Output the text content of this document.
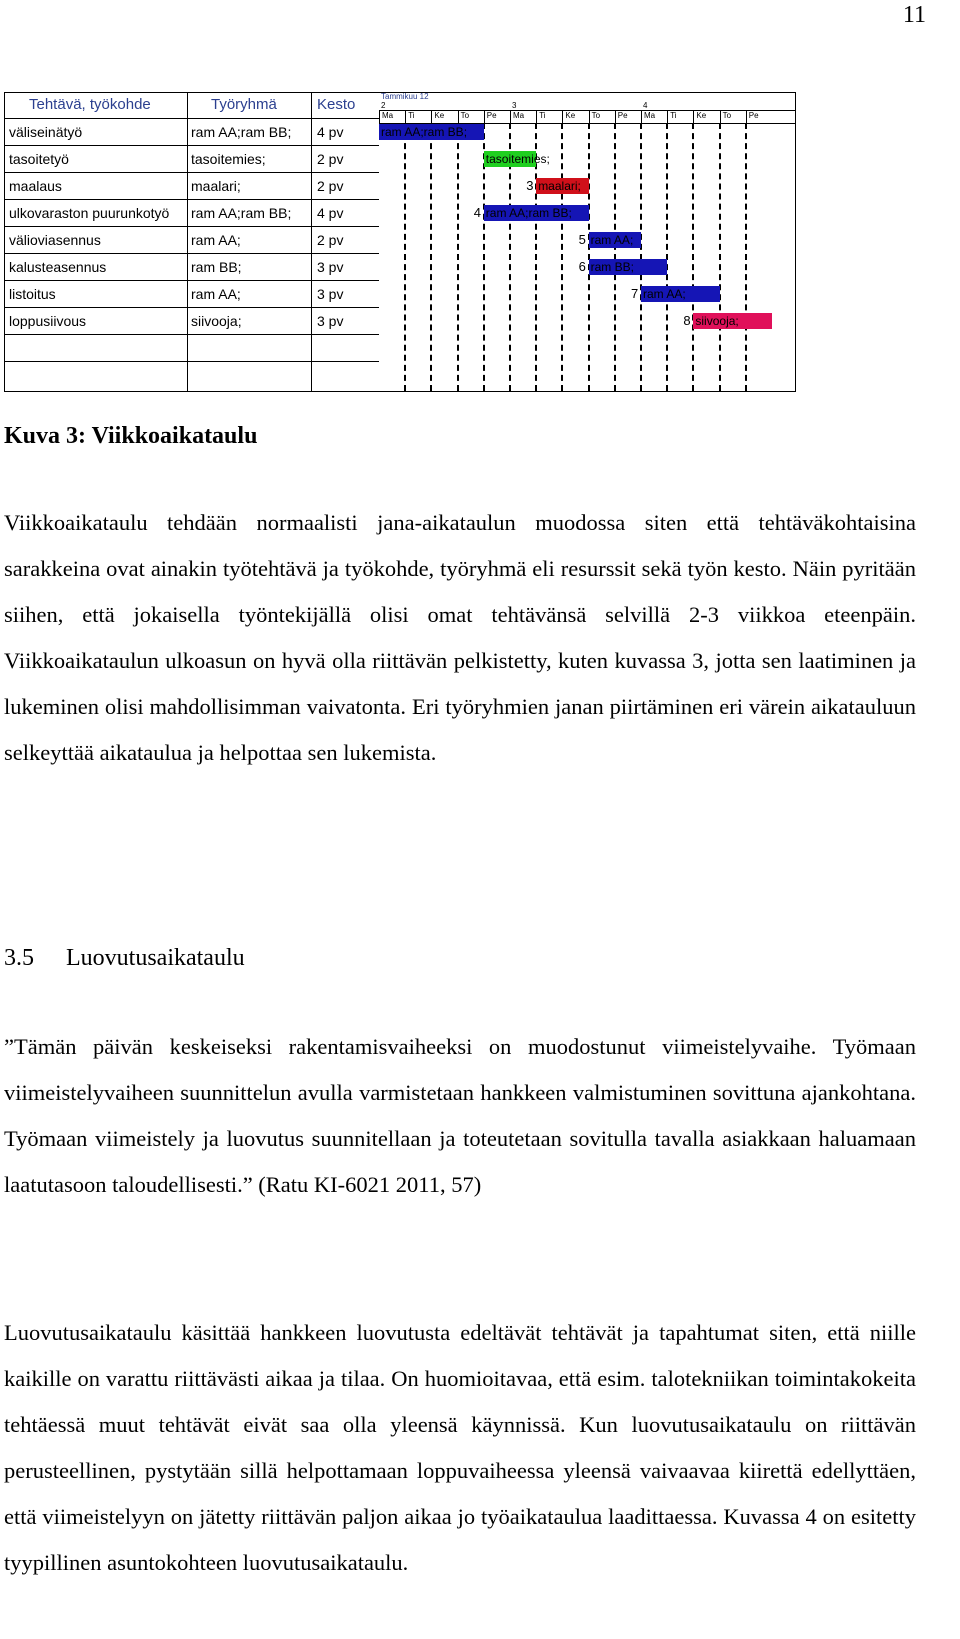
11
Tehtävä, työkohde	Työryhmä	Kesto
väliseinätyö	ram AA;ram BB;	4 pv
tasoitetyö	tasoitemies;	2 pv
maalaus	maalari;	2 pv
ulkovaraston puurunkotyö	ram AA;ram BB;	4 pv
välioviasennus	ram AA;	2 pv
kalusteasennus	ram BB;	3 pv
listoitus	ram AA;	3 pv
loppusiivous	siivooja;	3 pv
Tammikuu 12
2	3	4
Ma	Ti	Ke	To	Pe	Ma	Ti	Ke	To	Pe	Ma	Ti	Ke	To	Pe
ram AA;ram BB;
tasoitemies;
3 maalari;
4 ram AA;ram BB;
5 ram AA;
6 ram BB;
7 ram AA;
8 siivooja;
Kuva 3: Viikkoaikataulu

Viikkoaikataulu tehdään normaalisti jana-aikataulun muodossa siten että tehtäväkohtaisina sarakkeina ovat ainakin työtehtävä ja työkohde, työryhmä eli resurssit sekä työn kesto. Näin pyritään siihen, että jokaisella työntekijällä olisi omat tehtävänsä selvillä 2-3 viikkoa eteenpäin. Viikkoaikataulun ulkoasun on hyvä olla riittävän pelkistetty, kuten kuvassa 3, jotta sen laatiminen ja lukeminen olisi mahdollisimman vaivatonta. Eri työryhmien janan piirtäminen eri värein aikatauluun selkeyttää aikataulua ja helpottaa sen lukemista.

3.5 Luovutusaikataulu

”Tämän päivän keskeiseksi rakentamisvaiheeksi on muodostunut viimeistelyvaihe. Työmaan viimeistelyvaiheen suunnittelun avulla varmistetaan hankkeen valmistuminen sovittuna ajankohtana. Työmaan viimeistely ja luovutus suunnitellaan ja toteutetaan sovitulla tavalla asiakkaan haluamaan laatutasoon taloudellisesti.” (Ratu KI-6021 2011, 57)

Luovutusaikataulu käsittää hankkeen luovutusta edeltävät tehtävät ja tapahtumat siten, että niille kaikille on varattu riittävästi aikaa ja tilaa. On huomioitavaa, että esim. talotekniikan toimintakokeita tehtäessä muut tehtävät eivät saa olla yleensä käynnissä. Kun luovutusaikataulu on riittävän perusteellinen, pystytään sillä helpottamaan loppuvaiheessa yleensä vaivaavaa kiirettä edellyttäen, että viimeistelyyn on jätetty riittävän paljon aikaa jo työaikataulua laadittaessa. Kuvassa 4 on esitetty tyypillinen asuntokohteen luovutusaikataulu.
